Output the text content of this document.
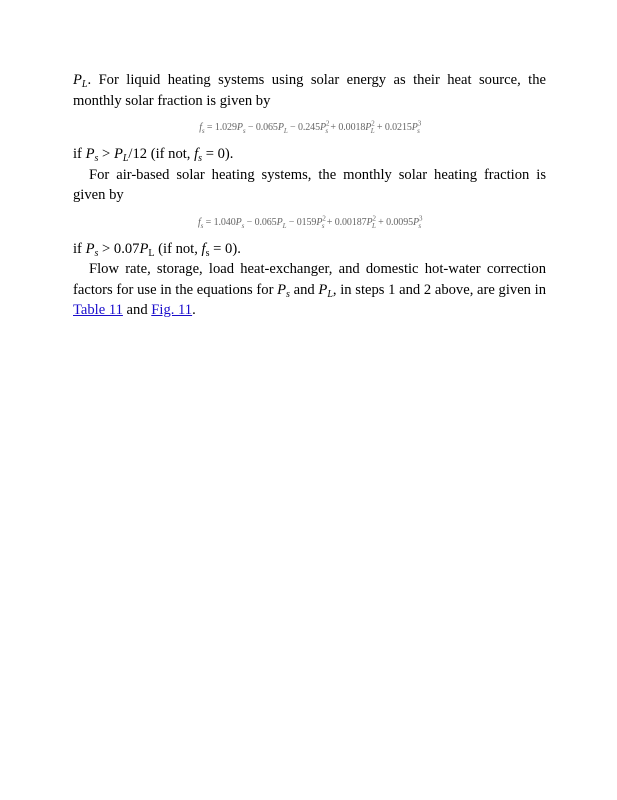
$P_L$. For liquid heating systems using solar energy as their heat source, the monthly solar fraction is given by

$f_s = 1.029P_s - 0.065P_L - 0.245P^2_s + 0.0018P^2_L + 0.0215P^3_s$

if $P_s > P_L/12$ (if not, $f_s = 0$).

For air-based solar heating systems, the monthly solar heating fraction is given by

$f_s = 1.040P_s - 0.065P_L - 0159P^2_s + 0.00187P^2_L + 0.0095P^3_s$

if $P_s > 0.07P_L$ (if not, $f_s = 0$).

Flow rate, storage, load heat-exchanger, and domestic hot-water correction factors for use in the equations for $P_s$ and $P_L$, in steps 1 and 2 above, are given in Table 11 and Fig. 11.
